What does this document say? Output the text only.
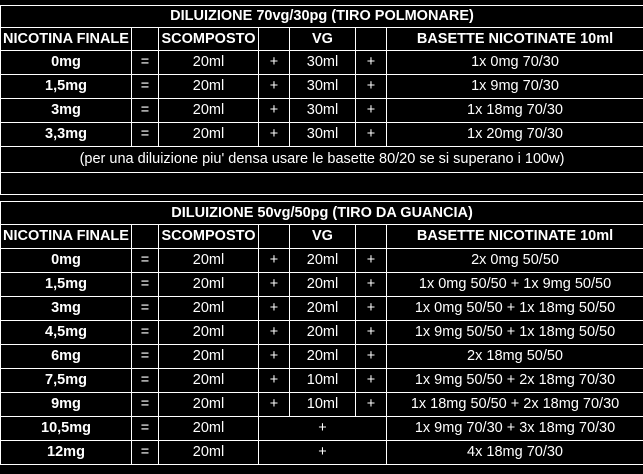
DILUIZIONE 70vg/30pg (TIRO POLMONARE)						
NICOTINA FINALE		SCOMPOSTO		VG		BASETTE NICOTINATE 10ml
0mg	=	20ml	+	30ml	+	1x 0mg 70/30
1,5mg	=	20ml	+	30ml	+	1x 9mg 70/30
3mg	=	20ml	+	30ml	+	1x 18mg 70/30
3,3mg	=	20ml	+	30ml	+	1x 20mg 70/30
(per una diluizione piu' densa usare le basette 80/20 se si superano i 100w)						

DILUIZIONE 50vg/50pg (TIRO DA GUANCIA)						
NICOTINA FINALE		SCOMPOSTO		VG		BASETTE NICOTINATE 10ml
0mg	=	20ml	+	20ml	+	2x 0mg 50/50
1,5mg	=	20ml	+	20ml	+	1x 0mg 50/50 + 1x 9mg 50/50
3mg	=	20ml	+	20ml	+	1x 0mg 50/50 + 1x 18mg 50/50
4,5mg	=	20ml	+	20ml	+	1x 9mg 50/50 + 1x 18mg 50/50
6mg	=	20ml	+	20ml	+	2x 18mg 50/50
7,5mg	=	20ml	+	10ml	+	1x 9mg 50/50 + 2x 18mg 70/30
9mg	=	20ml	+	10ml	+	1x 18mg 50/50 + 2x 18mg 70/30
10,5mg	=	20ml	+			1x 9mg 70/30 + 3x 18mg 70/30
12mg	=	20ml	+			4x 18mg 70/30
